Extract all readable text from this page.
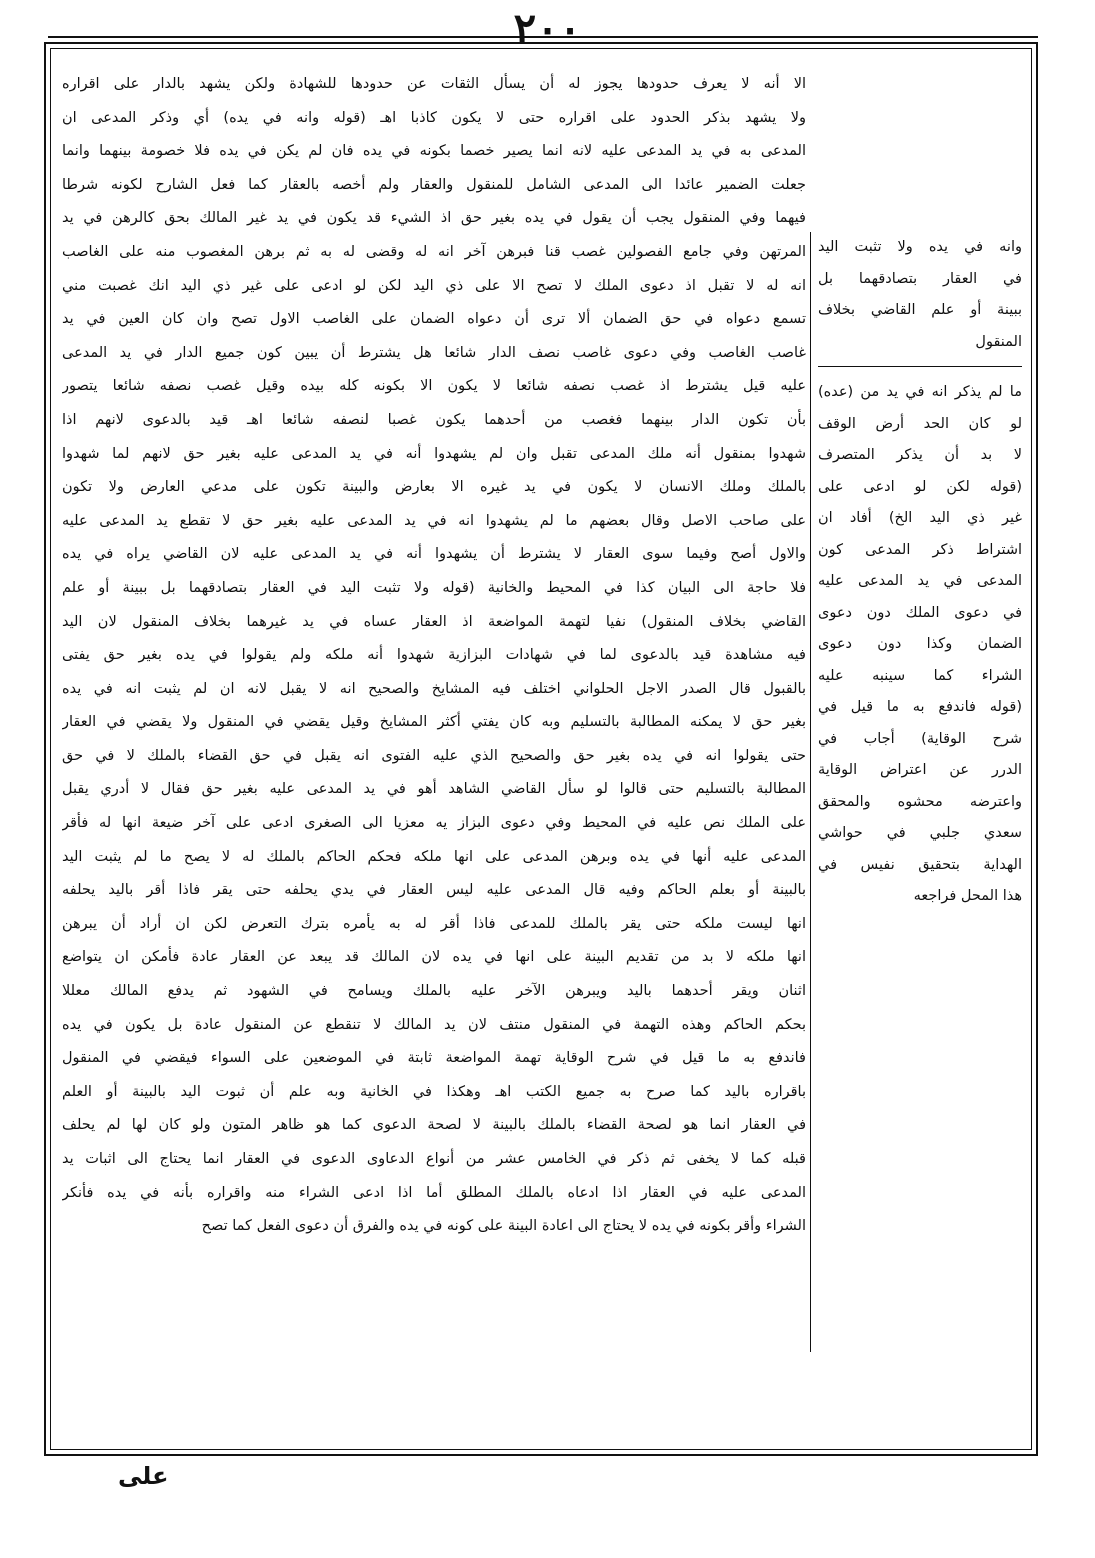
۲۰۰

الا أنه لا يعرف حدودها يجوز له أن يسأل الثقات عن حدودها للشهادة ولكن يشهد بالدار على اقراره

ولا يشهد بذكر الحدود على اقراره حتى لا يكون كاذبا اهـ (قوله وانه في يده) أي وذكر المدعى ان

المدعى به في يد المدعى عليه لانه انما يصير خصما بكونه في يده فان لم يكن في يده فلا خصومة بينهما وانما

جعلت الضمير عائدا الى المدعى الشامل للمنقول والعقار ولم أخصه بالعقار كما فعل الشارح لكونه شرطا

فيهما وفي المنقول يجب أن يقول في يده بغير حق اذ الشيء قد يكون في يد غير المالك بحق كالرهن في يد

المرتهن وفي جامع الفصولين غصب قنا فبرهن آخر انه له وقضى له به ثم برهن المغصوب منه على الغاصب

انه له لا تقبل اذ دعوى الملك لا تصح الا على ذي اليد لكن لو ادعى على غير ذي اليد انك غصبت مني

تسمع دعواه في حق الضمان ألا ترى أن دعواه الضمان على الغاصب الاول تصح وان كان العين في يد

غاصب الغاصب وفي دعوى غاصب نصف الدار شائعا هل يشترط أن يبين كون جميع الدار في يد المدعى

عليه قيل يشترط اذ غصب نصفه شائعا لا يكون الا بكونه كله بيده وقيل غصب نصفه شائعا يتصور

بأن تكون الدار بينهما فغصب من أحدهما يكون غصبا لنصفه شائعا اهـ قيد بالدعوى لانهم اذا

شهدوا بمنقول أنه ملك المدعى تقبل وان لم يشهدوا أنه في يد المدعى عليه بغير حق لانهم لما شهدوا

بالملك وملك الانسان لا يكون في يد غيره الا بعارض والبينة تكون على مدعي العارض ولا تكون

على صاحب الاصل وقال بعضهم ما لم يشهدوا انه في يد المدعى عليه بغير حق لا تقطع يد المدعى عليه

والاول أصح وفيما سوى العقار لا يشترط أن يشهدوا أنه في يد المدعى عليه لان القاضي يراه في يده

فلا حاجة الى البيان كذا في المحيط والخانية (قوله ولا تثبت اليد في العقار بتصادقهما بل ببينة أو علم

القاضي بخلاف المنقول) نفيا لتهمة المواضعة اذ العقار عساه في يد غيرهما بخلاف المنقول لان اليد

فيه مشاهدة قيد بالدعوى لما في شهادات البزازية شهدوا أنه ملكه ولم يقولوا في يده بغير حق يفتى

بالقبول قال الصدر الاجل الحلواني اختلف فيه المشايخ والصحيح انه لا يقبل لانه ان لم يثبت انه في يده

بغير حق لا يمكنه المطالبة بالتسليم وبه كان يفتي أكثر المشايخ وقيل يقضي في المنقول ولا يقضي في العقار

حتى يقولوا انه في يده بغير حق والصحيح الذي عليه الفتوى انه يقبل في حق القضاء بالملك لا في حق

المطالبة بالتسليم حتى قالوا لو سأل القاضي الشاهد أهو في يد المدعى عليه بغير حق فقال لا أدري يقبل

على الملك نص عليه في المحيط وفي دعوى البزاز يه معزيا الى الصغرى ادعى على آخر ضيعة انها له فأقر

المدعى عليه أنها في يده وبرهن المدعى على انها ملكه فحكم الحاكم بالملك له لا يصح ما لم يثبت اليد

بالبينة أو بعلم الحاكم وفيه قال المدعى عليه ليس العقار في يدي يحلفه حتى يقر فاذا أقر باليد يحلفه

انها ليست ملكه حتى يقر بالملك للمدعى فاذا أقر له به يأمره بترك التعرض لكن ان أراد أن يبرهن

انها ملكه لا بد من تقديم البينة على انها في يده لان المالك قد يبعد عن العقار عادة فأمكن ان يتواضع

اثنان ويقر أحدهما باليد ويبرهن الآخر عليه بالملك ويسامح في الشهود ثم يدفع المالك معللا

بحكم الحاكم وهذه التهمة في المنقول منتف لان يد المالك لا تنقطع عن المنقول عادة بل يكون في يده

فاندفع به ما قيل في شرح الوقاية تهمة المواضعة ثابتة في الموضعين على السواء فيقضي في المنقول

باقراره باليد كما صرح به جميع الكتب اهـ وهكذا في الخانية وبه علم أن ثبوت اليد بالبينة أو العلم

في العقار انما هو لصحة القضاء بالملك بالبينة لا لصحة الدعوى كما هو ظاهر المتون ولو كان لها لم يحلف

قبله كما لا يخفى ثم ذكر في الخامس عشر من أنواع الدعاوى الدعوى في العقار انما يحتاج الى اثبات يد

المدعى عليه في العقار اذا ادعاه بالملك المطلق أما اذا ادعى الشراء منه واقراره بأنه في يده فأنكر

الشراء وأقر بكونه في يده لا يحتاج الى اعادة البينة على كونه في يده والفرق أن دعوى الفعل كما تصح

وانه في يده ولا تثبت اليد

في العقار بتصادقهما بل

ببينة أو علم القاضي بخلاف

المنقول

ما لم يذكر انه في يد من (عده)

لو كان الحد أرض الوقف

لا بد أن يذكر المتصرف

(قوله لكن لو ادعى على

غير ذي اليد الخ) أفاد ان

اشتراط ذكر المدعى كون

المدعى في يد المدعى عليه

في دعوى الملك دون دعوى

الضمان وكذا دون دعوى

الشراء كما سينبه عليه

(قوله فاندفع به ما قيل في

شرح الوقاية) أجاب في

الدرر عن اعتراض الوقاية

واعترضه محشوه والمحقق

سعدي جلبي في حواشي

الهداية بتحقيق نفيس في

هذا المحل فراجعه

على
